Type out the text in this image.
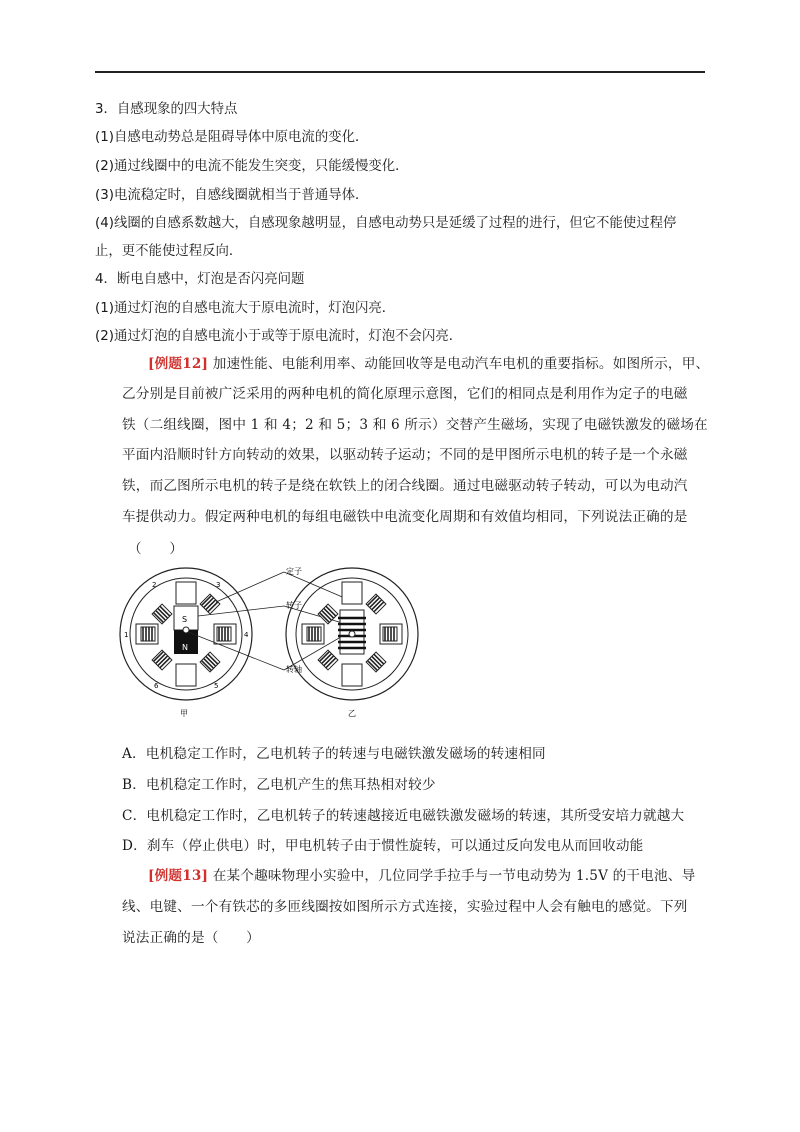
3．自感现象的四大特点
(1)自感电动势总是阻碍导体中原电流的变化．
(2)通过线圈中的电流不能发生突变，只能缓慢变化．
(3)电流稳定时，自感线圈就相当于普通导体．
(4)线圈的自感系数越大，自感现象越明显，自感电动势只是延缓了过程的进行，但它不能使过程停
止，更不能使过程反向．
4．断电自感中，灯泡是否闪亮问题
(1)通过灯泡的自感电流大于原电流时，灯泡闪亮．
(2)通过灯泡的自感电流小于或等于原电流时，灯泡不会闪亮．
[例题12] 加速性能、电能利用率、动能回收等是电动汽车电机的重要指标。如图所示，甲、
乙分别是目前被广泛采用的两种电机的简化原理示意图，它们的相同点是利用作为定子的电磁
铁（二组线圈，图中 1 和 4；2 和 5；3 和 6 所示）交替产生磁场，实现了电磁铁激发的磁场在
平面内沿顺时针方向转动的效果，以驱动转子运动；不同的是甲图所示电机的转子是一个永磁
铁，而乙图所示电机的转子是绕在软铁上的闭合线圈。通过电磁驱动转子转动，可以为电动汽
车提供动力。假定两种电机的每组电磁铁中电流变化周期和有效值均相同，下列说法正确的是
（　　）
S
N
1
2	3
4
5
6
甲
定子
转子
转轴
乙
A．电机稳定工作时，乙电机转子的转速与电磁铁激发磁场的转速相同
B．电机稳定工作时，乙电机产生的焦耳热相对较少
C．电机稳定工作时，乙电机转子的转速越接近电磁铁激发磁场的转速，其所受安培力就越大
D．刹车（停止供电）时，甲电机转子由于惯性旋转，可以通过反向发电从而回收动能
[例题13] 在某个趣味物理小实验中，几位同学手拉手与一节电动势为 1.5V 的干电池、导
线、电键、一个有铁芯的多匝线圈按如图所示方式连接，实验过程中人会有触电的感觉。下列
说法正确的是（　　）
